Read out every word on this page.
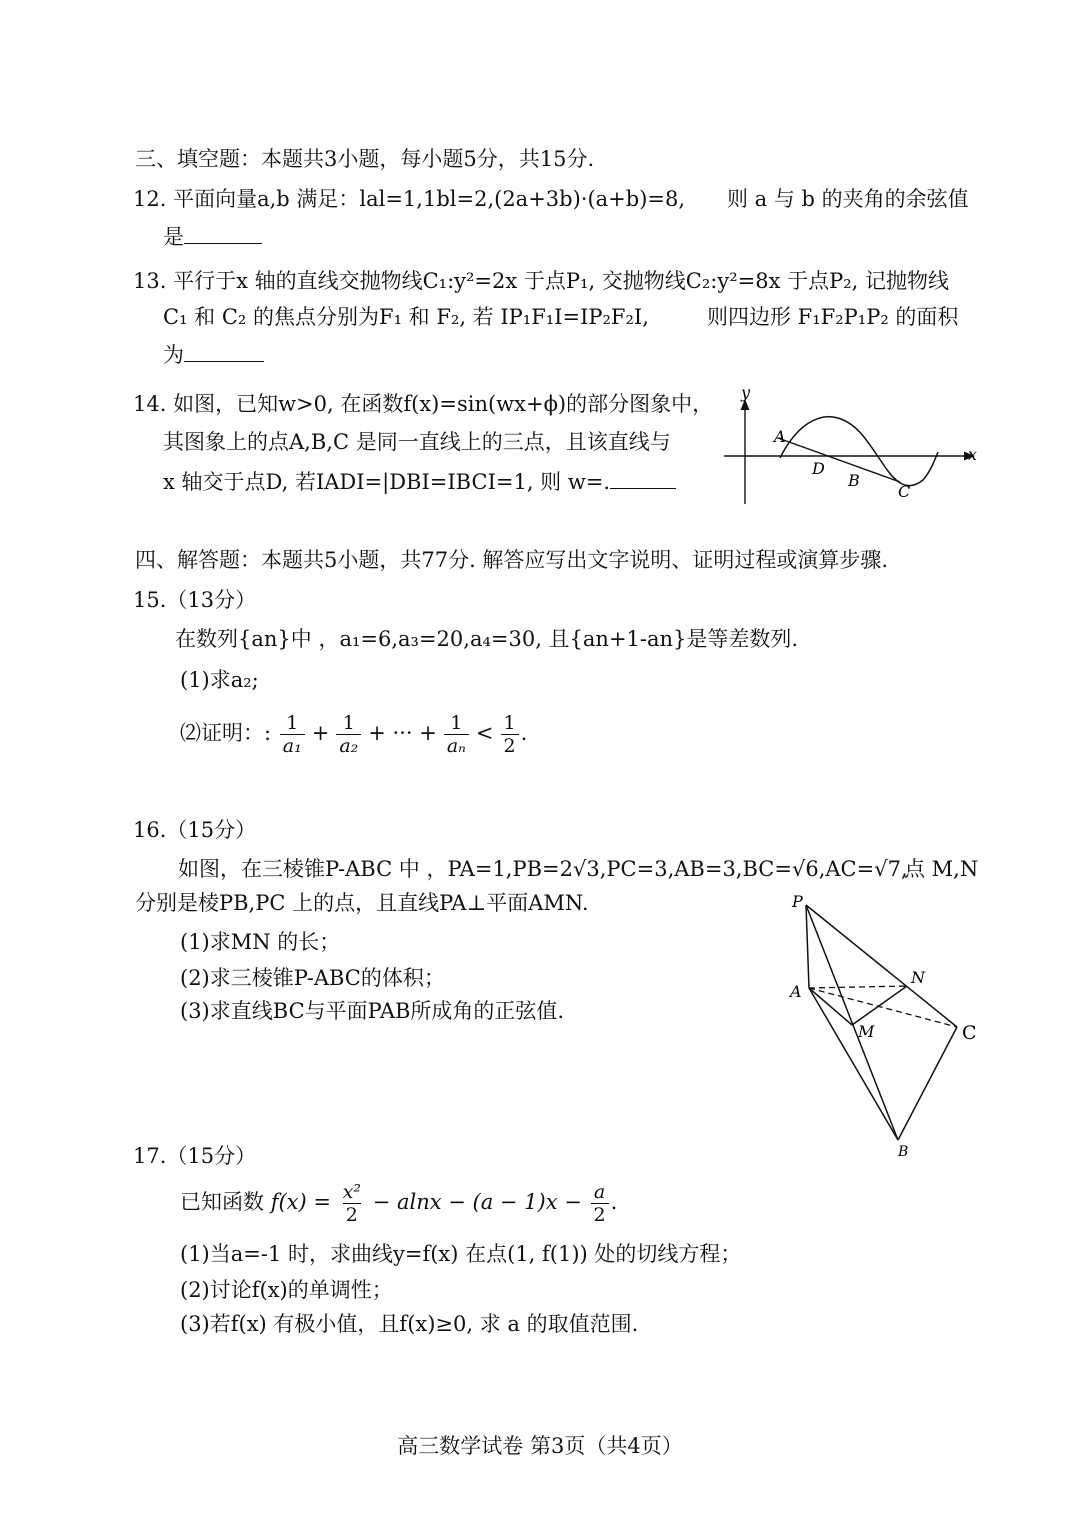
三、填空题：本题共3小题，每小题5分，共15分.
12. 平面向量a,b 满足：lal=1,1bl=2,(2a+3b)·(a+b)=8, 则 a 与 b 的夹角的余弦值
是
13. 平行于x 轴的直线交抛物线C₁:y²=2x 于点P₁, 交抛物线C₂:y²=8x 于点P₂, 记抛物线
C₁ 和 C₂ 的焦点分别为F₁ 和 F₂, 若 IP₁F₁I=IP₂F₂I,	则四边形 F₁F₂P₁P₂ 的面积
为
14. 如图，已知w>0, 在函数f(x)=sin(wx+ϕ)的部分图象中，
其图象上的点A,B,C 是同一直线上的三点，且该直线与
x 轴交于点D, 若IADI=|DBI=IBCI=1, 则 w=.
y
x
A
D
B
C
四、解答题：本题共5小题，共77分. 解答应写出文字说明、证明过程或演算步骤.
15.（13分）
在数列{an}中 ，a₁=6,a₃=20,a₄=30, 且{an+1-an}是等差数列.
(1)求a₂;
⑵证明：: $\frac{1}{\text{a₁}} + \frac{1}{\text{a₂}}$ + ··· + $\frac{1}{\text{aₙ}} < \frac{1}{2}$ .
16.（15分）
如图，在三棱锥P-ABC 中 ，PA=1,PB=2√3,PC=3,AB=3,BC=√6,AC=√7,
点 M,N
分别是棱PB,PC 上的点，且直线PA⊥平面AMN.
(1)求MN 的长；
(2)求三棱锥P-ABC的体积；
(3)求直线BC与平面PAB所成角的正弦值.
P
A
N
M	C
B
17.（15分）
已知函数 $f(x) = \frac{\text{x²}}{2} - alnx - (a - 1)x - \frac{a}{2}$ .
(1)当a=-1 时，求曲线y=f(x) 在点(1, f(1)) 处的切线方程；
(2)讨论f(x)的单调性；
(3)若f(x) 有极小值，且f(x)≥0, 求 a 的取值范围.
高三数学试卷 第3页（共4页）
